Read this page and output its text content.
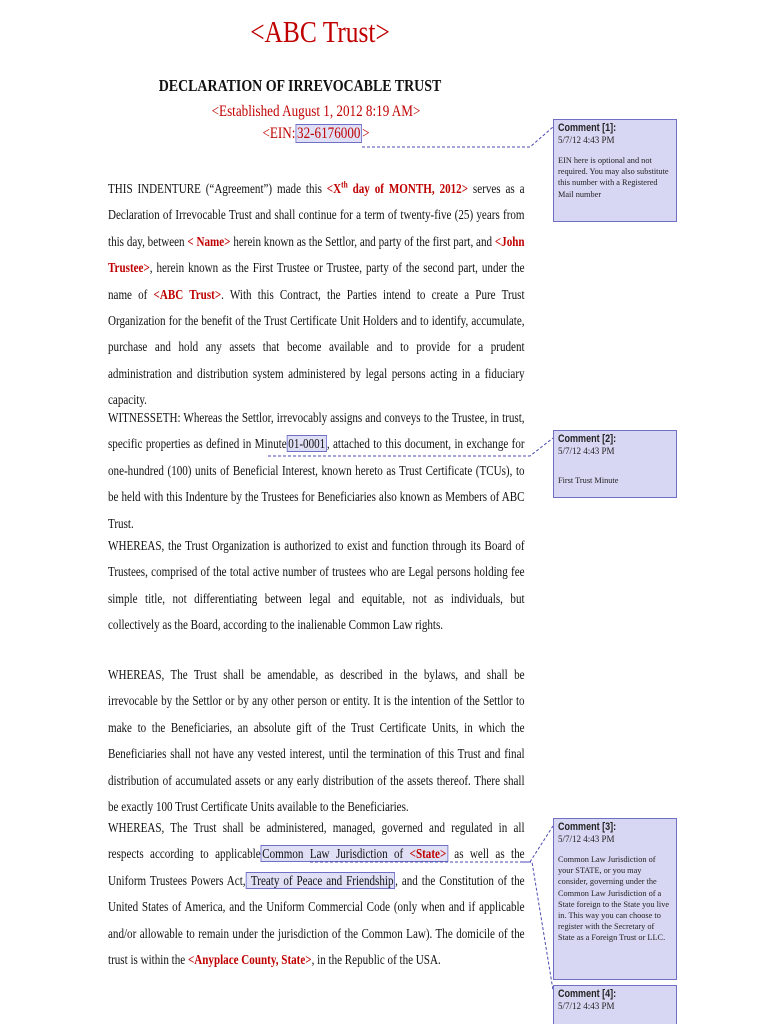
<ABC Trust>
DECLARATION OF IRREVOCABLE TRUST
<Established August 1, 2012 8:19 AM>
<EIN: 32-6176000 >
THIS INDENTURE (“Agreement”) made this <Xth day of MONTH, 2012> serves as a Declaration of Irrevocable Trust and shall continue for a term of twenty-five (25) years from this day, between < Name> herein known as the Settlor, and party of the first part, and <John Trustee>, herein known as the First Trustee or Trustee, party of the second part, under the name of <ABC Trust>. With this Contract, the Parties intend to create a Pure Trust Organization for the benefit of the Trust Certificate Unit Holders and to identify, accumulate, purchase and hold any assets that become available and to provide for a prudent administration and distribution system administered by legal persons acting in a fiduciary capacity.
WITNESSETH: Whereas the Settlor, irrevocably assigns and conveys to the Trustee, in trust, specific properties as defined in Minute 01-0001 , attached to this document, in exchange for one-hundred (100) units of Beneficial Interest, known hereto as Trust Certificate (TCUs), to be held with this Indenture by the Trustees for Beneficiaries also known as Members of ABC Trust.
WHEREAS, the Trust Organization is authorized to exist and function through its Board of Trustees, comprised of the total active number of trustees who are Legal persons holding fee simple title, not differentiating between legal and equitable, not as individuals, but collectively as the Board, according to the inalienable Common Law rights.
WHEREAS, The Trust shall be amendable, as described in the bylaws, and shall be irrevocable by the Settlor or by any other person or entity. It is the intention of the Settlor to make to the Beneficiaries, an absolute gift of the Trust Certificate Units, in which the Beneficiaries shall not have any vested interest, until the termination of this Trust and final distribution of accumulated assets or any early distribution of the assets thereof. There shall be exactly 100 Trust Certificate Units available to the Beneficiaries.
WHEREAS, The Trust shall be administered, managed, governed and regulated in all respects according to applicable Common Law Jurisdiction of <State> as well as the Uniform Trustees Powers Act, Treaty of Peace and Friendship , and the Constitution of the United States of America, and the Uniform Commercial Code (only when and if applicable and/or allowable to remain under the jurisdiction of the Common Law). The domicile of the trust is within the <Anyplace County, State>, in the Republic of the USA.
Comment [1]:
5/7/12 4:43 PM
EIN here is optional and not required. You may also substitute this number with a Registered Mail number
Comment [2]:
5/7/12 4:43 PM
First Trust Minute
Comment [3]:
5/7/12 4:43 PM
Common Law Jurisdiction of your STATE, or you may consider, governing under the Common Law Jurisdiction of a State foreign to the State you live in. This way you can choose to register with the Secretary of State as a Foreign Trust or LLC.
Comment [4]:
5/7/12 4:43 PM
